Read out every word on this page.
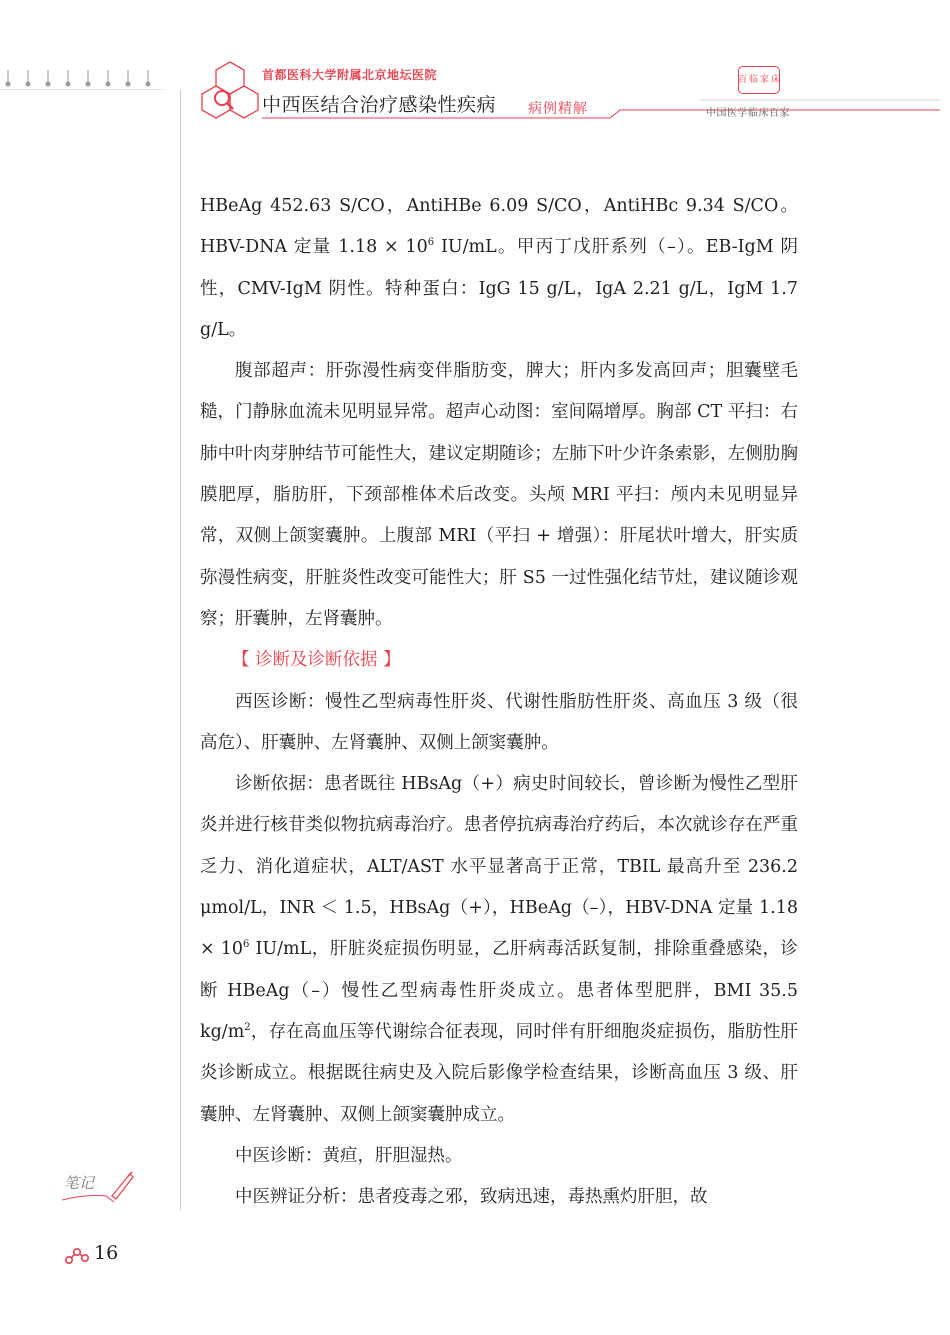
首都医科大学附属北京地坛医院
中西医结合治疗感染性疾病 病例精解
百 临 家 床
中国医学临床百家

HBeAg 452.63 S/CO，AntiHBe 6.09 S/CO，AntiHBc 9.34 S/CO。HBV-DNA 定量 $1.18 \times 10^6$ IU/mL。甲丙丁戊肝系列（–）。EB-IgM 阴性，CMV-IgM 阴性。特种蛋白：IgG 15 g/L，IgA 2.21 g/L，IgM 1.7 g/L。

腹部超声：肝弥漫性病变伴脂肪变，脾大；肝内多发高回声；胆囊壁毛糙，门静脉血流未见明显异常。超声心动图：室间隔增厚。胸部 CT 平扫：右肺中叶肉芽肿结节可能性大，建议定期随诊；左肺下叶少许条索影，左侧肋胸膜肥厚，脂肪肝，下颈部椎体术后改变。头颅 MRI 平扫：颅内未见明显异常，双侧上颌窦囊肿。上腹部 MRI（平扫 + 增强）：肝尾状叶增大，肝实质弥漫性病变，肝脏炎性改变可能性大；肝 S5 一过性强化结节灶，建议随诊观察；肝囊肿，左肾囊肿。

【 诊断及诊断依据 】

西医诊断：慢性乙型病毒性肝炎、代谢性脂肪性肝炎、高血压 3 级（很高危）、肝囊肿、左肾囊肿、双侧上颌窦囊肿。

诊断依据：患者既往 HBsAg（+）病史时间较长，曾诊断为慢性乙型肝炎并进行核苷类似物抗病毒治疗。患者停抗病毒治疗药后，本次就诊存在严重乏力、消化道症状，ALT/AST 水平显著高于正常，TBIL 最高升至 236.2 μmol/L，INR ＜ 1.5，HBsAg（+），HBeAg（–），HBV-DNA 定量 $1.18 \times 10^6$ IU/mL，肝脏炎症损伤明显，乙肝病毒活跃复制，排除重叠感染，诊断 HBeAg（–）慢性乙型病毒性肝炎成立。患者体型肥胖，BMI 35.5 $kg/m^2$，存在高血压等代谢综合征表现，同时伴有肝细胞炎症损伤，脂肪性肝炎诊断成立。根据既往病史及入院后影像学检查结果，诊断高血压 3 级、肝囊肿、左肾囊肿、双侧上颌窦囊肿成立。

中医诊断：黄疸，肝胆湿热。

中医辨证分析：患者疫毒之邪，致病迅速，毒热熏灼肝胆，故

笔记
16
